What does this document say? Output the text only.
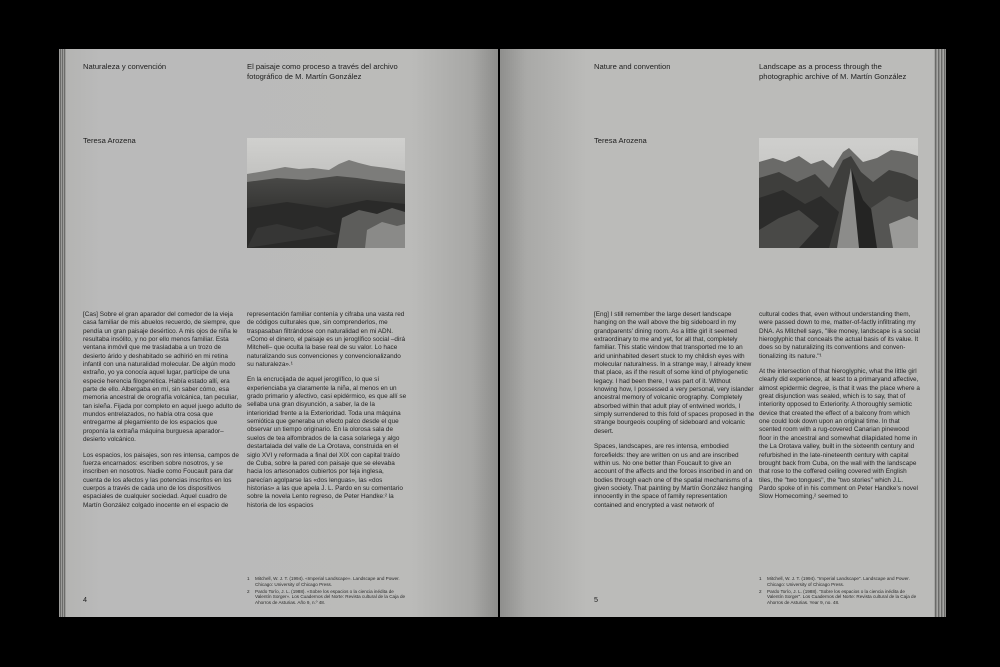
Naturaleza y convención	El paisaje como proceso a través del archivo fotográfico de M. Martín González

Teresa Arozena

[Cas] Sobre el gran aparador del comedor de la vieja casa familiar de mis abuelos recuerdo, de siempre, que pendía un gran paisaje desértico. A mis ojos de niña le resultaba insólito, y no por ello menos familiar. Esta ventana inmóvil que me trasladaba a un trozo de desierto árido y deshabitado se adhirió en mi retina infantil con una naturalidad molecular. De algún modo extraño, yo ya conocía aquel lugar, partícipe de una especie herencia filogenética. Había estado allí, era parte de ello. Albergaba en mí, sin saber cómo, esa memoria ancestral de orografía volcánica, tan peculiar, tan isleña. Fijada por completo en aquel juego adulto de mundos entrelazados, no había otra cosa que entregarme al plegamiento de los espacios que proponía la extraña máquina burguesa aparador–desierto volcánico.

Los espacios, los paisajes, son res intensa, campos de fuerza encarnados: escriben sobre nosotros, y se inscriben en nosotros. Nadie como Foucault para dar cuenta de los afectos y las potencias inscritos en los cuerpos a través de cada uno de los dispositivos espaciales de cualquier sociedad. Aquel cuadro de Martín González colgado inocente en el espacio de

representación familiar contenía y cifraba una vasta red de códigos culturales que, sin comprenderlos, me traspasaban filtrándose con naturalidad en mi ADN. «Como el dinero, el paisaje es un jeroglífico social –dirá Mitchell– que oculta la base real de su valor. Lo hace naturalizando sus convenciones y convencionalizando su naturaleza».¹

En la encrucijada de aquel jeroglífico, lo que sí experienciaba ya claramente la niña, al menos en un grado primario y afectivo, casi epidérmico, es que allí se sellaba una gran disyunción, a saber, la de la interioridad frente a la Exterioridad. Toda una máquina semiótica que generaba un efecto palco desde el que observar un tiempo originario. En la olorosa sala de suelos de tea alfombrados de la casa solariega y algo destartalada del valle de La Orotava, construida en el siglo XVI y reformada a final del XIX con capital traído de Cuba, sobre la pared con paisaje que se elevaba hacia los artesonados cubiertos por teja inglesa, parecían agolparse las «dos lenguas», las «dos historias» a las que apela J. L. Pardo en su comentario sobre la novela Lento regreso, de Peter Handke:² la historia de los espacios

1	Mitchell, W. J. T. (1994). «Imperial Landscape». Landscape and Power. Chicago: University of Chicago Press.
2	Pardo Torío, J. L. (1988). «Sobre los espacios o la ciencia inédita de Valentín Sorger». Los Cuadernos del Norte: Revista cultural de la Caja de Ahorros de Asturias. Año 9, n.º 48.

4

Nature and convention	Landscape as a process through the photographic archive of M. Martín González

Teresa Arozena

[Eng] I still remember the large desert landscape hanging on the wall above the big sideboard in my grandparents' dining room. As a little girl it seemed extraordinary to me and yet, for all that, completely familiar. This static window that transported me to an arid uninhabited desert stuck to my childish eyes with molecular naturalness. In a strange way, I already knew that place, as if the result of some kind of phylogenetic legacy. I had been there, I was part of it. Without knowing how, I possessed a very personal, very islander ancestral memory of volcanic orography. Completely absorbed within that adult play of entwined worlds, I simply surrendered to this fold of spaces proposed in the strange bourgeois coupling of sideboard and volcanic desert.

Spaces, landscapes, are res intensa, embodied forcefields: they are written on us and are inscribed within us. No one better than Foucault to give an account of the affects and the forces inscribed in and on bodies through each one of the spatial mechanisms of a given society. That painting by Martín González hanging innocently in the space of family representation contained and encrypted a vast network of

cultural codes that, even without understanding them, were passed down to me, matter-of-factly infiltrating my DNA. As Mitchell says, "like money, landscape is a social hieroglyphic that conceals the actual basis of its value. It does so by naturalizing its conventions and conventionalizing its nature."¹

At the intersection of that hieroglyphic, what the little girl clearly did experience, at least to a primaryand affective, almost epidermic degree, is that it was the place where a great disjunction was sealed, which is to say, that of interiority opposed to Exteriority. A thoroughly semiotic device that created the effect of a balcony from which one could look down upon an original time. In that scented room with a rug-covered Canarian pinewood floor in the ancestral and somewhat dilapidated home in the La Orotava valley, built in the sixteenth century and refurbished in the late-nineteenth century with capital brought back from Cuba, on the wall with the landscape that rose to the coffered ceiling covered with English tiles, the "two tongues", the "two stories" which J.L. Pardo spoke of in his comment on Peter Handke's novel Slow Homecoming,² seemed to

1	Mitchell, W. J. T. (1994). "Imperial Landscape". Landscape and Power. Chicago: University of Chicago Press.
2	Pardo Torío, J. L. (1988). "Sobre los espacios o la ciencia inédita de Valentín Sorger". Los Cuadernos del Norte: Revista cultural de la Caja de Ahorros de Asturias. Year 9, no. 48.

5
